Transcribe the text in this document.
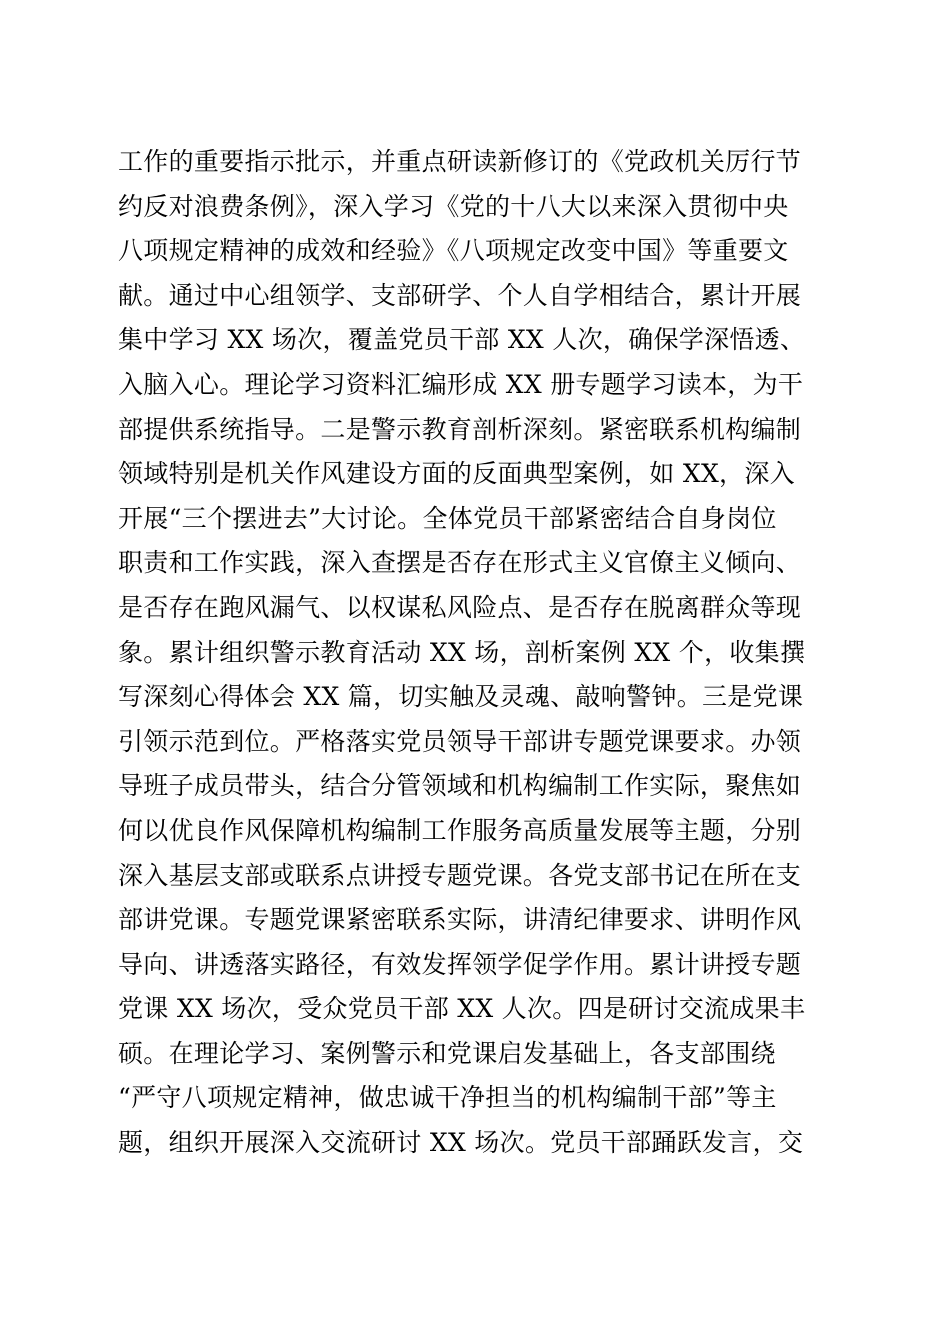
工作的重要指示批示，并重点研读新修订的《党政机关厉行节
约反对浪费条例》，深入学习《党的十八大以来深入贯彻中央
八项规定精神的成效和经验》《八项规定改变中国》等重要文
献。通过中心组领学、支部研学、个人自学相结合，累计开展
集中学习 XX 场次，覆盖党员干部 XX 人次，确保学深悟透、
入脑入心。理论学习资料汇编形成 XX 册专题学习读本，为干
部提供系统指导。二是警示教育剖析深刻。紧密联系机构编制
领域特别是机关作风建设方面的反面典型案例，如 XX，深入
开展“三个摆进去”大讨论。全体党员干部紧密结合自身岗位
职责和工作实践，深入查摆是否存在形式主义官僚主义倾向、
是否存在跑风漏气、以权谋私风险点、是否存在脱离群众等现
象。累计组织警示教育活动 XX 场，剖析案例 XX 个，收集撰
写深刻心得体会 XX 篇，切实触及灵魂、敲响警钟。三是党课
引领示范到位。严格落实党员领导干部讲专题党课要求。办领
导班子成员带头，结合分管领域和机构编制工作实际，聚焦如
何以优良作风保障机构编制工作服务高质量发展等主题，分别
深入基层支部或联系点讲授专题党课。各党支部书记在所在支
部讲党课。专题党课紧密联系实际，讲清纪律要求、讲明作风
导向、讲透落实路径，有效发挥领学促学作用。累计讲授专题
党课 XX 场次，受众党员干部 XX 人次。四是研讨交流成果丰
硕。在理论学习、案例警示和党课启发基础上，各支部围绕
“严守八项规定精神，做忠诚干净担当的机构编制干部”等主
题，组织开展深入交流研讨 XX 场次。党员干部踊跃发言，交
